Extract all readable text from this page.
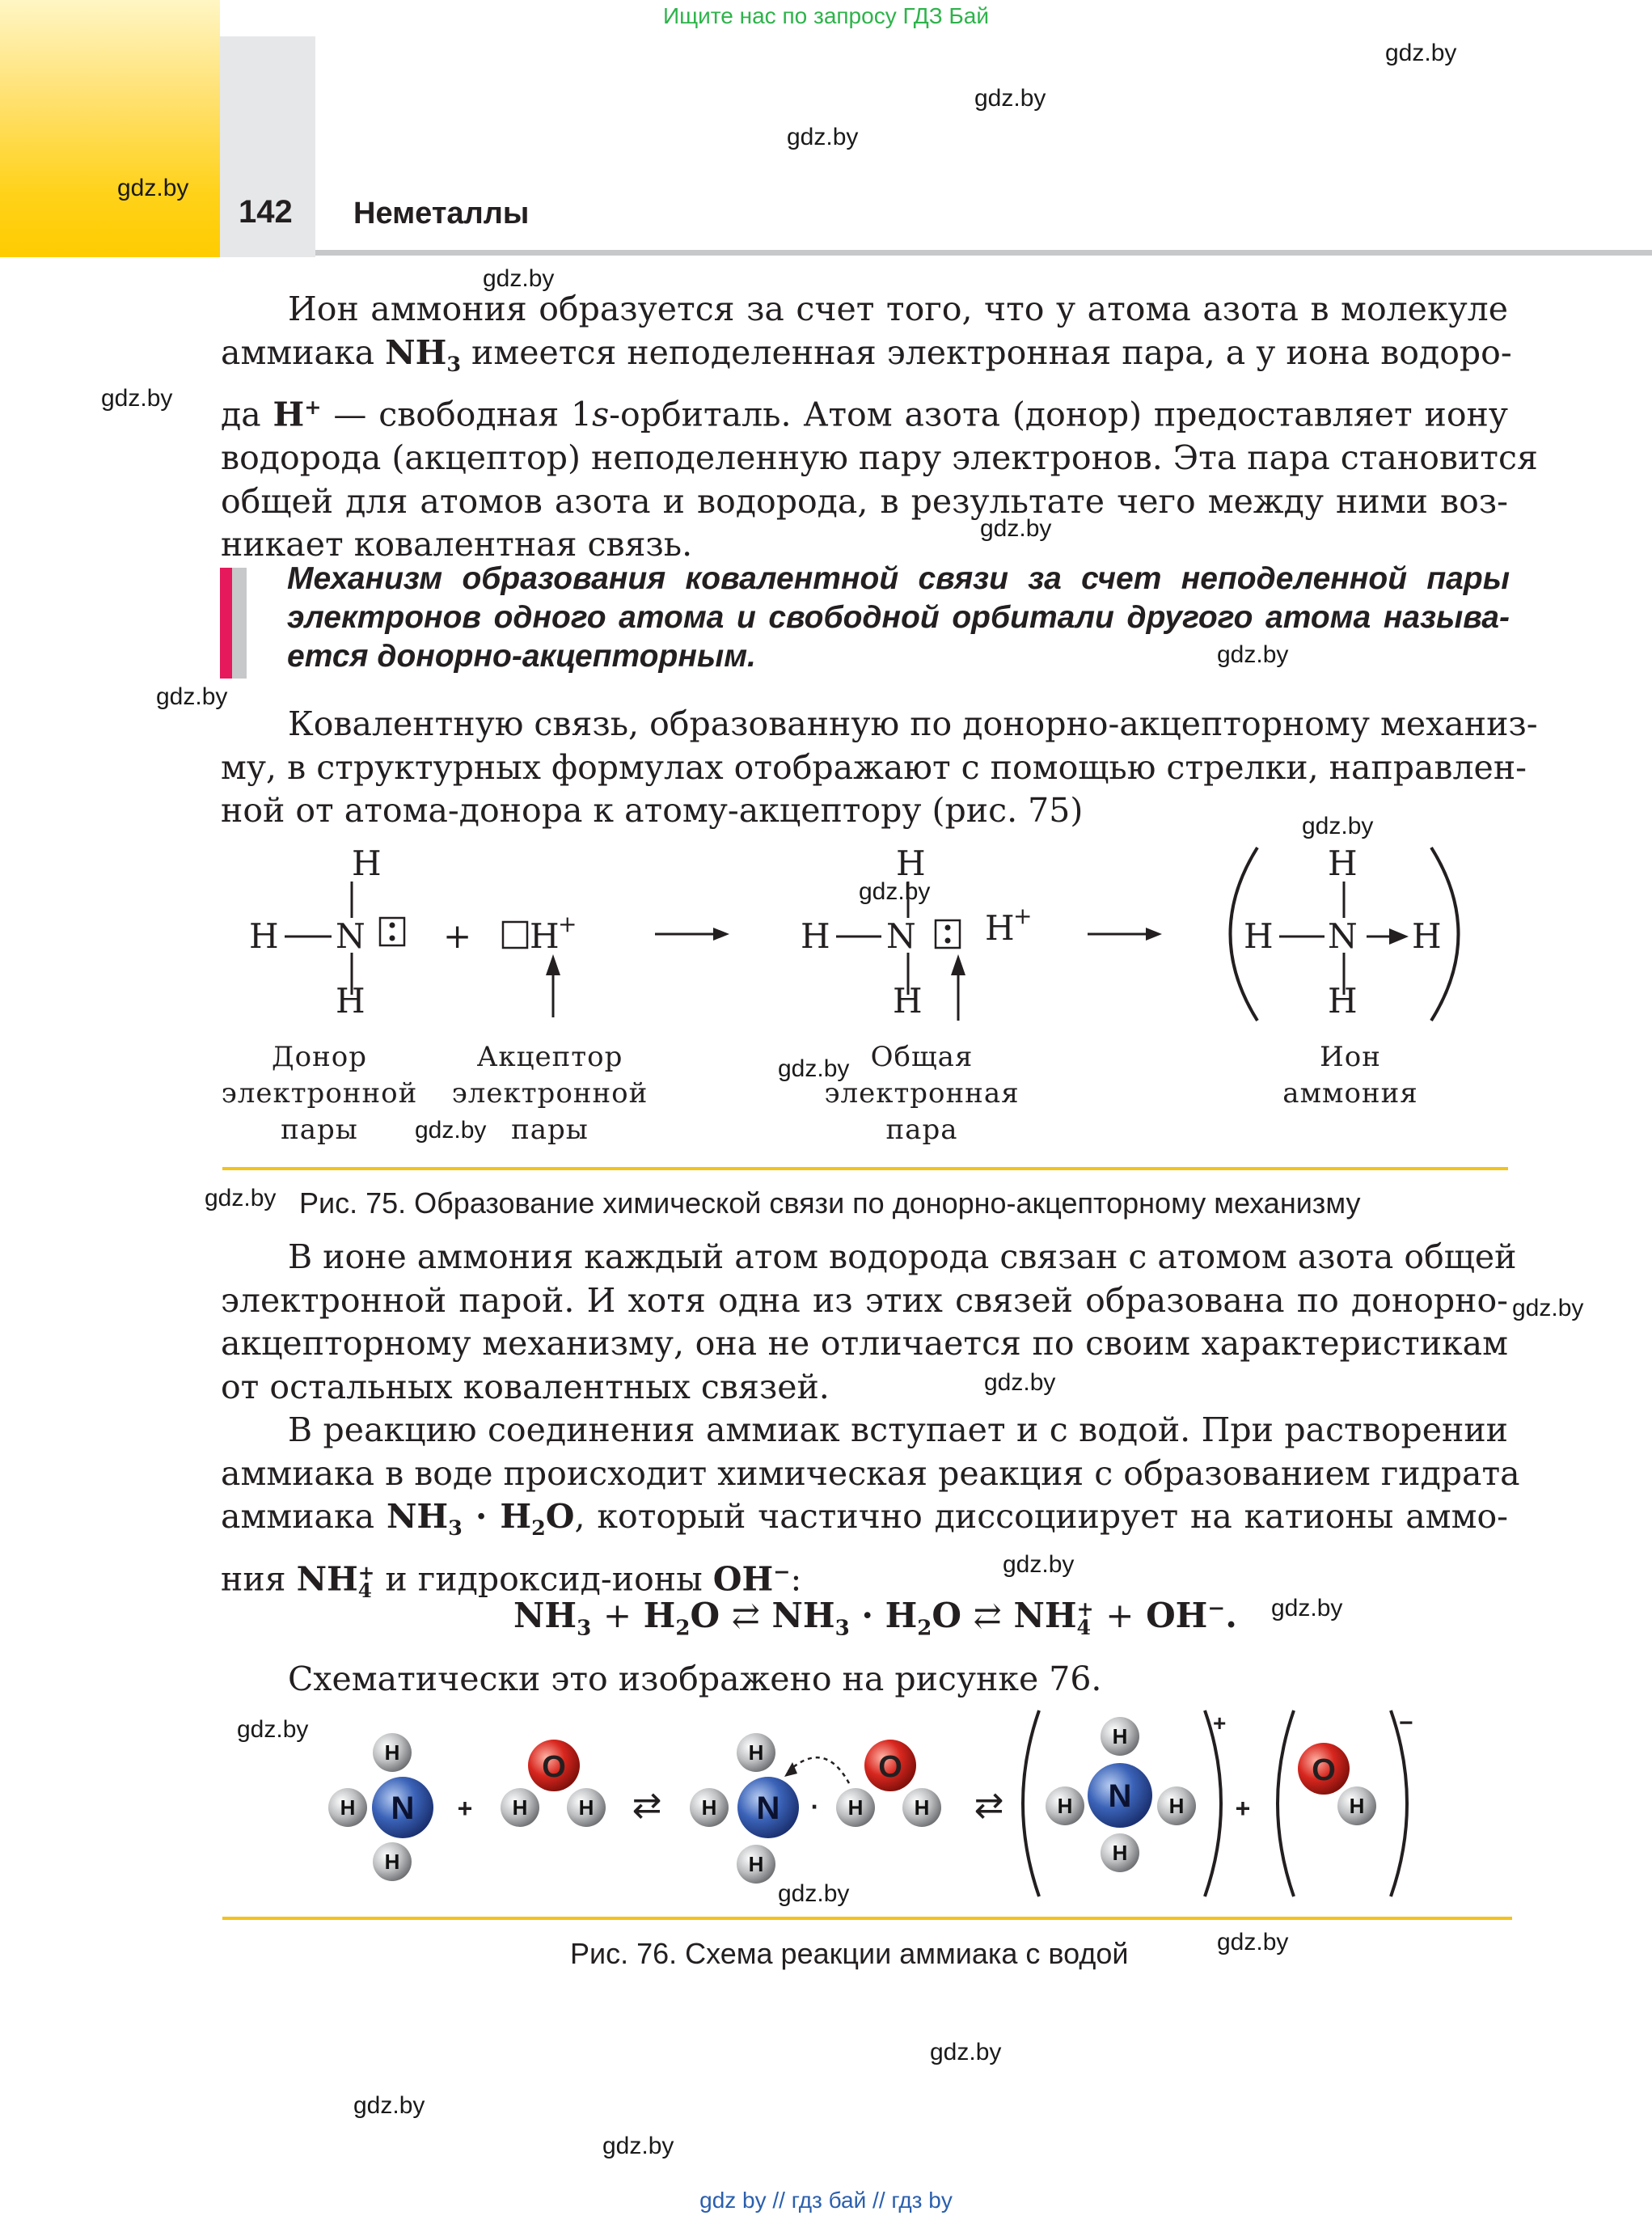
Ищите нас по запросу ГДЗ Бай
142 Неметаллы
gdz.by
gdz.by
gdz.by
gdz.by
gdz.by
gdz.by
gdz.by
gdz.by
gdz.by
gdz.by
gdz.by
gdz.by
gdz.by
gdz.by
gdz.by
gdz.by
gdz.by
gdz.by
gdz.by
gdz.by
gdz.by
gdz.by
gdz.by
gdz.by
Ион аммония образуется за счет того, что у атома азота в молекуле
аммиака $NH_3$ имеется неподеленная электронная пара, а у иона водоро-
да H+ — свободная 1s-орбиталь. Атом азота (донор) предоставляет иону
водорода (акцептор) неподеленную пару электронов. Эта пара становится
общей для атомов азота и водорода, в результате чего между ними воз-
никает ковалентная связь.
Механизм образования ковалентной связи за счет неподеленной пары
электронов одного атома и свободной орбитали другого атома называ-
ется донорно-акцепторным.
Ковалентную связь, образованную по донорно-акцепторному механиз-
му, в структурных формулах отображают с помощью стрелки, направлен-
ной от атома-донора к атому-акцептору (рис. 75)
H
H N
H
+ H
+
H
H N
H
H
+
H
H N
H
H
Донор
электронной
пары
Акцептор
электронной
пары
Общая
электронная
пара
Ион
аммония
Рис. 75. Образование химической связи по донорно-акцепторному механизму
В ионе аммония каждый атом водорода связан с атомом азота общей
электронной парой. И хотя одна из этих связей образована по донорно-
акцепторному механизму, она не отличается по своим характеристикам
от остальных ковалентных связей.
В реакцию соединения аммиак вступает и с водой. При растворении
аммиака в воде происходит химическая реакция с образованием гидрата
аммиака $NH_3 \cdot H_2O$, который частично диссоциирует на катионы аммо-
ния NH +
4 и гидроксид-ионы OH−:
$NH_3 + H_2O$ ⇄ $NH_3 \cdot H_2O$ ⇄ NH +
4 + OH−.
Схематически это изображено на рисунке 76.
H
H
H
N +
O
H H ⇄
H
H
H
N ·
O
H H ⇄
H
H	H
H
N
+
+
O
H
−
Рис. 76. Схема реакции аммиака с водой
gdz by // гдз бай // гдз by
